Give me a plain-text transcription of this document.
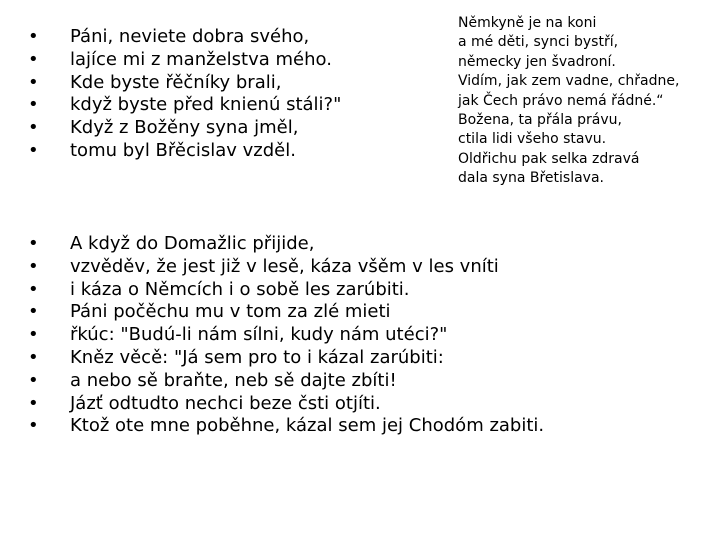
• Páni, neviete dobra svého,
• lajíce mi z manželstva mého.
• Kde byste řěčníky brali,
• když byste před knienú stáli?"
• Když z Božěny syna jměl,
• tomu byl Břěcislav vzděl.
Němkyně je na koni
a mé děti, synci bystří,
německy jen švadroní.
Vidím, jak zem vadne, chřadne,
jak Čech právo nemá řádné.“
Božena, ta přála právu,
ctila lidi všeho stavu.
Oldřichu pak selka zdravá
dala syna Břetislava.
• A když do Domažlic přijide,
• vzvěděv, že jest již v lesě, káza všěm v les vníti
• i káza o Němcích i o sobě les zarúbiti.
• Páni počěchu mu v tom za zlé mieti
• řkúc: "Budú-li nám sílni, kudy nám utéci?"
• Kněz věcě: "Já sem pro to i kázal zarúbiti:
• a nebo sě braňte, neb sě dajte zbíti!
• Jázť odtudto nechci beze čsti otjíti.
• Ktož ote mne poběhne, kázal sem jej Chodóm zabiti.
